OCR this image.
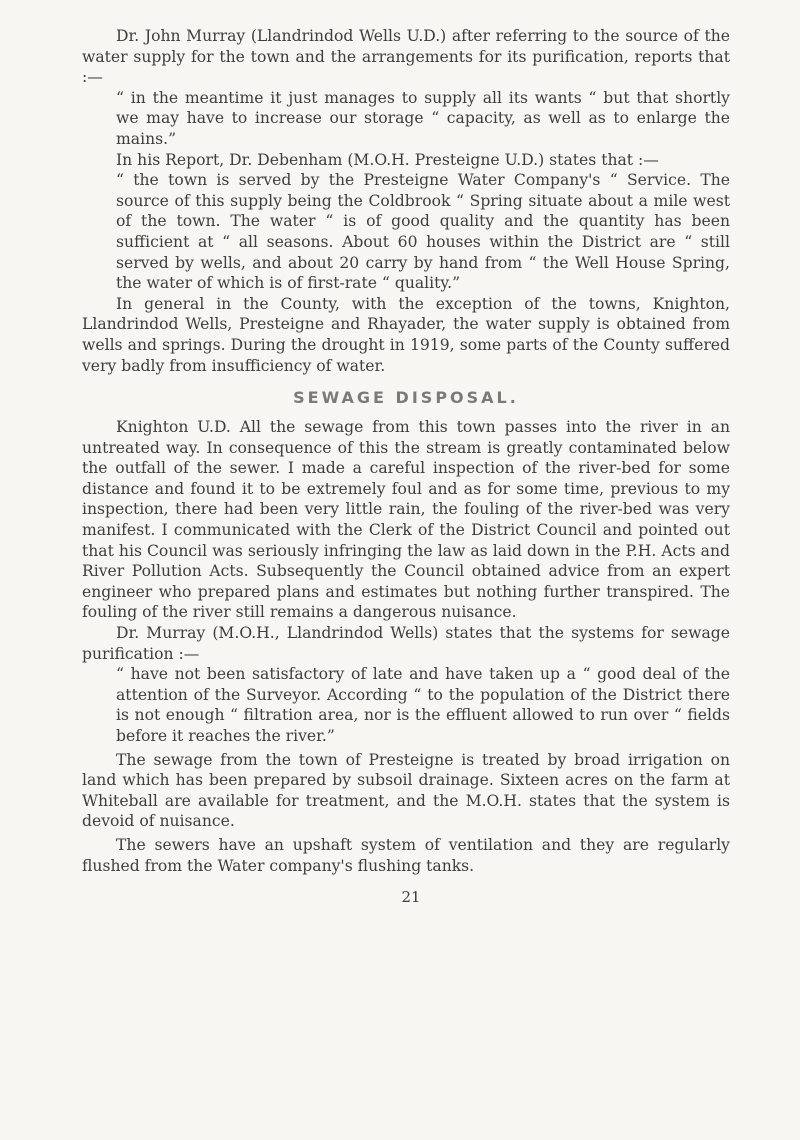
Dr. John Murray (Llandrindod Wells U.D.) after referring to the source of the water supply for the town and the arrangements for its purification, reports that :—

“ in the meantime it just manages to supply all its wants “ but that shortly we may have to increase our storage “ capacity, as well as to enlarge the mains.”

In his Report, Dr. Debenham (M.O.H. Presteigne U.D.) states that :—

“ the town is served by the Presteigne Water Company's “ Service. The source of this supply being the Coldbrook “ Spring situate about a mile west of the town. The water “ is of good quality and the quantity has been sufficient at “ all seasons. About 60 houses within the District are “ still served by wells, and about 20 carry by hand from “ the Well House Spring, the water of which is of first-rate “ quality.”

In general in the County, with the exception of the towns, Knighton, Llandrindod Wells, Presteigne and Rhayader, the water supply is obtained from wells and springs. During the drought in 1919, some parts of the County suffered very badly from insufficiency of water.

SEWAGE DISPOSAL.

Knighton U.D. All the sewage from this town passes into the river in an untreated way. In consequence of this the stream is greatly contaminated below the outfall of the sewer. I made a careful inspection of the river-bed for some distance and found it to be extremely foul and as for some time, previous to my inspection, there had been very little rain, the fouling of the river-bed was very manifest. I communicated with the Clerk of the District Council and pointed out that his Council was seriously infringing the law as laid down in the P.H. Acts and River Pollution Acts. Subsequently the Council obtained advice from an expert engineer who prepared plans and estimates but nothing further transpired. The fouling of the river still remains a dangerous nuisance.

Dr. Murray (M.O.H., Llandrindod Wells) states that the systems for sewage purification :—

“ have not been satisfactory of late and have taken up a “ good deal of the attention of the Surveyor. According “ to the population of the District there is not enough “ filtration area, nor is the effluent allowed to run over “ fields before it reaches the river.”

The sewage from the town of Presteigne is treated by broad irrigation on land which has been prepared by subsoil drainage. Sixteen acres on the farm at Whiteball are available for treatment, and the M.O.H. states that the system is devoid of nuisance.

The sewers have an upshaft system of ventilation and they are regularly flushed from the Water company's flushing tanks.

21
